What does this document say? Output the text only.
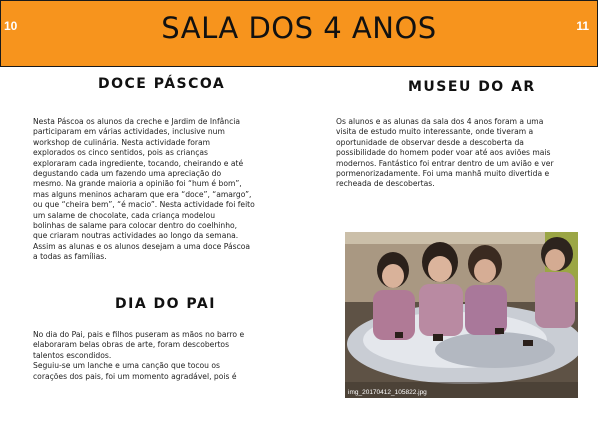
10	SALA DOS 4 ANOS	11
DOCE PÁSCOA

Nesta Páscoa os alunos da creche e Jardim de Infância
participaram em várias actividades, inclusive num
workshop de culinária. Nesta actividade foram
explorados os cinco sentidos, pois as crianças
exploraram cada ingrediente, tocando, cheirando e até
degustando cada um fazendo uma apreciação do
mesmo. Na grande maioria a opinião foi “hum é bom”,
mas alguns meninos acharam que era “doce”, “amargo”,
ou que “cheira bem”, “é macio”. Nesta actividade foi feito
um salame de chocolate, cada criança modelou
bolinhas de salame para colocar dentro do coelhinho,
que criaram noutras actividades ao longo da semana.
Assim as alunas e os alunos desejam a uma doce Páscoa
a todas as famílias.

DIA DO PAI

No dia do Pai, pais e filhos puseram as mãos no barro e
elaboraram belas obras de arte, foram descobertos
talentos escondidos.
Seguiu-se um lanche e uma canção que tocou os
corações dos pais, foi um momento agradável, pois é

MUSEU DO AR

Os alunos e as alunas da sala dos 4 anos foram a uma
visita de estudo muito interessante, onde tiveram a
oportunidade de observar desde a descoberta da
possibilidade do homem poder voar até aos aviões mais
modernos. Fantástico foi entrar dentro de um avião e ver
pormenorizadamente. Foi uma manhã muito divertida e
recheada de descobertas.

img_20170412_105822.jpg
